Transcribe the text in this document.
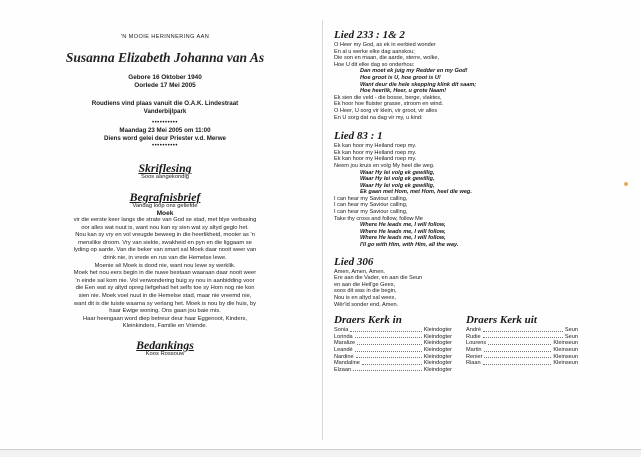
'N MOOIE HERINNERING AAN
Susanna Elizabeth Johanna van As
Gebore 16 Oktober 1940
Oorlede 17 Mei 2005
Roudiens vind plaas vanuit die O.A.K. Lindestraat
Vanderbijlpark
••••••••••
Maandag 23 Mei 2005 om 11:00
Diens word gelei deur Priester v.d. Merwe
••••••••••
Skriflesing
Soos aangekondig
Begrafnisbrief
Vandag loop ons geliefde
Moek
vir die eerste keer langs die strate van God se stad, met blye verbasing
oor alles wat nuut is, want nou kan sy sien wat sy altyd geglo het.
Nou kan sy vry en vol vreugde beweeg in die heerlikheid, mooier as 'n
menslike droom. Vry van siekte, swakheid en pyn en die liggaam se
lyding op aarde. Van die beker van smart sal Moek daar nooit weer van
drink nie, in vrede en rus van die Hemelse lewe.
Moenie sê Moek is dood nie, want nou lewe sy werklik.
Moek het nou eers begin in die nuwe bestaan waaraan daar nooit weer
'n einde sal kom nie. Vol verwondering buig sy nou in aanbidding voor
die Een wat sy altyd opreg liefgehad het selfs toe sy Hom nog nie kon
sien nie. Moek voel nuut in die Hemelse stad, maar nie vreemd nie,
want dit is die tuiste waarna sy verlang het. Moek is nou by die huis, by
haar Ewige woning. Ons gaan jou baie mis.
Haar heengaan word diep betreur deur haar Eggenoot, Kinders,
Kleinkinders, Familie en Vriende.
Bedankings
Koos Rossouw
Lied 233 : 1& 2
O Heer my God, as ek in eerbied wonder
En al u werke elke dag aanskou;
Die son en maan, die aarde, sterre, wolke,
Hoe U dit elke dag so onderhou:
Dan moet ek juig my Redder en my God!
Hoe groot is U, hoe groot is U!
Want deur die hele skepping klink dit saam;
Hoe heerlik, Heer, u grote Naam!
Ek sien die veld - die bosse, berge, vlaktes,
Ek hoor hoe fluister grasse, stroom en wind.
O Heer, U sorg vir klein, vir groot, vir alles
En U sorg dat na dag vir my, u kind:
Lied 83 : 1
Ek kan hoor my Heiland roep my.
Ek kan hoor my Heiland roep my.
Ek kan hoor my Heiland roep my.
Neem jou kruis en volg My heel die weg.
Waar Hy lei volg ek gewillig,
Waar Hy lei volg ek gewillig,
Waar Hy lei volg ek gewillig,
Ek gaan met Hom, met Hom, heel die weg.
I can hear my Saviour calling,
I can hear my Saviour calling,
I can hear my Saviour calling,
Take thy cross and follow, follow Me
Where He leads me, I will follow,
Where He leads me, I will follow,
Where He leads me, I will follow,
I'll go with Him, with Him, all the way.
Lied 306
Amen, Amen, Amen.
Ere aan die Vader, en aan die Seun
en aan die Heil'ge Gees,
soos dit was in die begin,
Nou is en altyd sal wees,
Wêr'ld sonder end. Amen.
Draers Kerk in
Sonia	Kleindogter
Lorinda	Kleindogter
Maralize	Kleindogter
Leandé	Kleindogter
Nardine	Kleindogter
Mandaline	Kleindogter
Elzaan	Kleindogter
Draers Kerk uit
André	Seun
Rudie	Seun
Lourens	Kleinseun
Martin	Kleinseun
Renier	Kleinseun
Riaan	Kleinseun
